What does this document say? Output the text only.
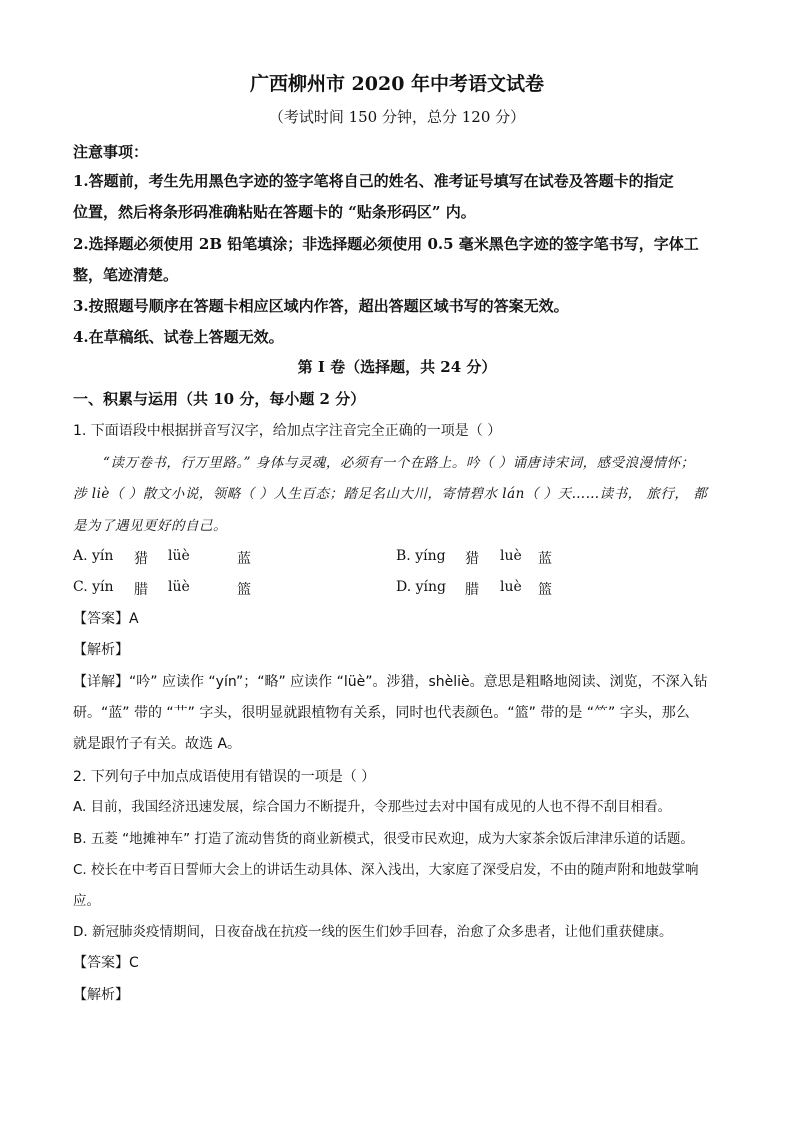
广西柳州市 2020 年中考语文试卷
（考试时间 150 分钟，总分 120 分）
注意事项：
1.答题前，考生先用黑色字迹的签字笔将自己的姓名、准考证号填写在试卷及答题卡的指定
位置，然后将条形码准确粘贴在答题卡的 “贴条形码区” 内。
2.选择题必须使用 2B 铅笔填涂；非选择题必须使用 0.5 毫米黑色字迹的签字笔书写，字体工
整，笔迹清楚。
3.按照题号顺序在答题卡相应区域内作答，超出答题区域书写的答案无效。
4.在草稿纸、试卷上答题无效。
第 I 卷（选择题，共 24 分）
一、积累与运用（共 10 分，每小题 2 分）
1. 下面语段中根据拼音写汉字，给加点字注音完全正确的一项是（ ）
“读万卷书，行万里路。” 身体与灵魂，必须有一个在路上。吟（ ）诵唐诗宋词，感受浪漫情怀；
涉 liè（ ）散文小说，领略（ ）人生百态；踏足名山大川，寄情碧水 lán（ ）天……读书， 旅行， 都
是为了遇见更好的自己。
A. yín 猎 lüè	蓝	B. yíng 猎 luè 蓝
C. yín 腊 lüè	篮	D. yíng 腊 luè 篮
【答案】A
【解析】
【详解】“吟” 应读作 “yín”；“略” 应读作 “lüè”。涉猎，shèliè。意思是粗略地阅读、浏览，不深入钻
研。“蓝” 带的 “艹” 字头，很明显就跟植物有关系，同时也代表颜色。“篮” 带的是 “⺮” 字头，那么
就是跟竹子有关。故选 A。
2. 下列句子中加点成语使用有错误的一项是（ ）
A. 目前，我国经济迅速发展，综合国力不断提升，令那些过去对中国有成见的人也不得不刮目相看。
B. 五菱 “地摊神车” 打造了流动售货的商业新模式，很受市民欢迎，成为大家茶余饭后津津乐道的话题。
C. 校长在中考百日誓师大会上的讲话生动具体、深入浅出，大家庭了深受启发，不由的随声附和地鼓掌响
应。
D. 新冠肺炎疫情期间，日夜奋战在抗疫一线的医生们妙手回春，治愈了众多患者，让他们重获健康。
【答案】C
【解析】
